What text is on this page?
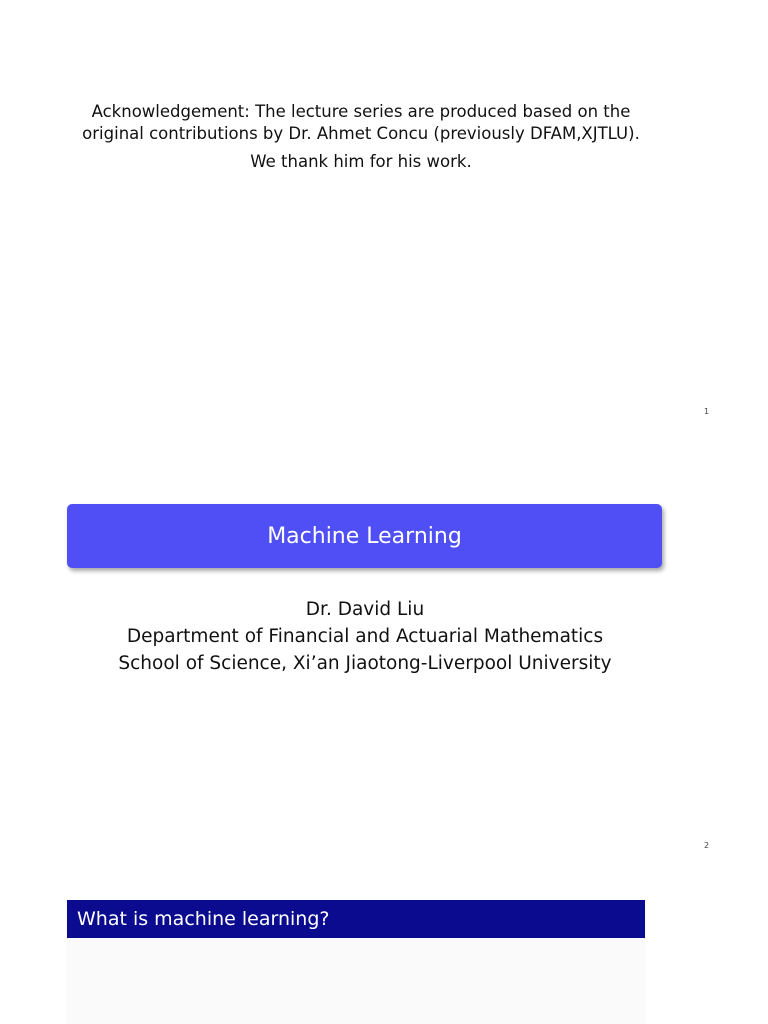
Acknowledgement: The lecture series are produced based on the
original contributions by Dr. Ahmet Concu (previously DFAM,XJTLU).
We thank him for his work.
1
Machine Learning
Dr. David Liu
Department of Financial and Actuarial Mathematics
School of Science, Xi’an Jiaotong-Liverpool University
2
What is machine learning?
